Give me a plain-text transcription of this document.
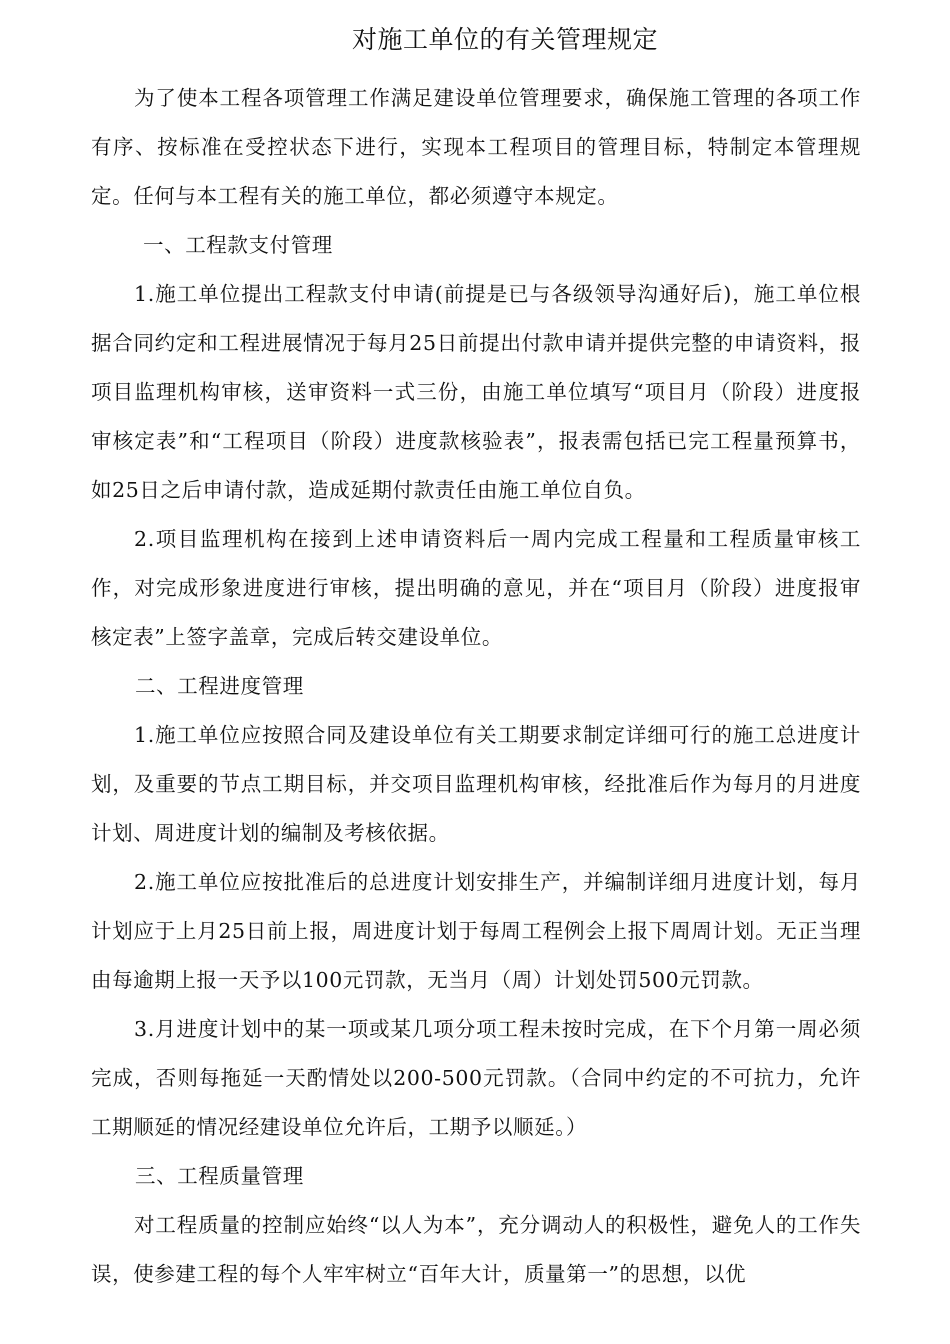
对施工单位的有关管理规定

为了使本工程各项管理工作满足建设单位管理要求，确保施工管理的各项工作有序、按标准在受控状态下进行，实现本工程项目的管理目标，特制定本管理规定。任何与本工程有关的施工单位，都必须遵守本规定。

一、工程款支付管理

1.施工单位提出工程款支付申请(前提是已与各级领导沟通好后)，施工单位根据合同约定和工程进展情况于每月25日前提出付款申请并提供完整的申请资料，报项目监理机构审核，送审资料一式三份，由施工单位填写“项目月（阶段）进度报审核定表”和“工程项目（阶段）进度款核验表”，报表需包括已完工程量预算书，如25日之后申请付款，造成延期付款责任由施工单位自负。

2.项目监理机构在接到上述申请资料后一周内完成工程量和工程质量审核工作，对完成形象进度进行审核，提出明确的意见，并在“项目月（阶段）进度报审核定表”上签字盖章，完成后转交建设单位。

二、工程进度管理

1.施工单位应按照合同及建设单位有关工期要求制定详细可行的施工总进度计划，及重要的节点工期目标，并交项目监理机构审核，经批准后作为每月的月进度计划、周进度计划的编制及考核依据。

2.施工单位应按批准后的总进度计划安排生产，并编制详细月进度计划，每月计划应于上月25日前上报，周进度计划于每周工程例会上报下周周计划。无正当理由每逾期上报一天予以100元罚款，无当月（周）计划处罚500元罚款。

3.月进度计划中的某一项或某几项分项工程未按时完成，在下个月第一周必须完成，否则每拖延一天酌情处以200-500元罚款。（合同中约定的不可抗力，允许工期顺延的情况经建设单位允许后，工期予以顺延。）

三、工程质量管理

对工程质量的控制应始终“以人为本”，充分调动人的积极性，避免人的工作失误，使参建工程的每个人牢牢树立“百年大计，质量第一”的思想，以优
